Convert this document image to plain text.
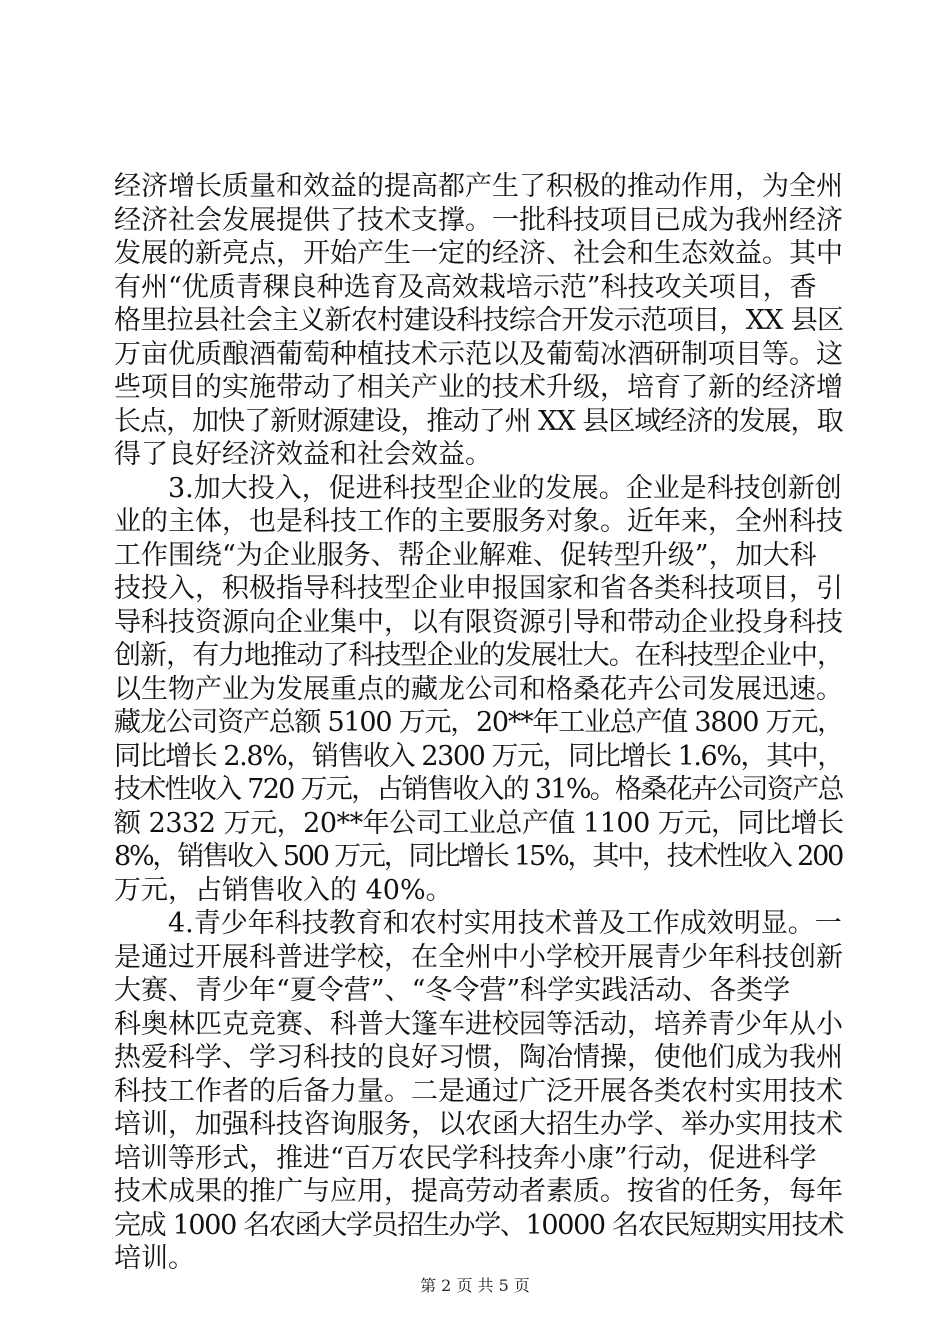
经济增长质量和效益的提高都产生了积极的推动作用，为全州
经济社会发展提供了技术支撑。一批科技项目已成为我州经济
发展的新亮点，开始产生一定的经济、社会和生态效益。其中
有州“优质青稞良种选育及高效栽培示范”科技攻关项目，香
格里拉县社会主义新农村建设科技综合开发示范项目，XX 县区
万亩优质酿酒葡萄种植技术示范以及葡萄冰酒研制项目等。这
些项目的实施带动了相关产业的技术升级，培育了新的经济增
长点，加快了新财源建设，推动了州 XX 县区域经济的发展，取
得了良好经济效益和社会效益。
　　3.加大投入，促进科技型企业的发展。企业是科技创新创
业的主体，也是科技工作的主要服务对象。近年来，全州科技
工作围绕“为企业服务、帮企业解难、促转型升级”，加大科
技投入，积极指导科技型企业申报国家和省各类科技项目，引
导科技资源向企业集中，以有限资源引导和带动企业投身科技
创新，有力地推动了科技型企业的发展壮大。在科技型企业中，
以生物产业为发展重点的藏龙公司和格桑花卉公司发展迅速。
藏龙公司资产总额 5100 万元，20**年工业总产值 3800 万元，
同比增长 2.8%，销售收入 2300 万元，同比增长 1.6%，其中，
技术性收入 720 万元，占销售收入的 31%。格桑花卉公司资产总
额 2332 万元，20**年公司工业总产值 1100 万元，同比增长
8%，销售收入 500 万元，同比增长 15%，其中，技术性收入 200
万元，占销售收入的 40%。
　　4.青少年科技教育和农村实用技术普及工作成效明显。一
是通过开展科普进学校，在全州中小学校开展青少年科技创新
大赛、青少年“夏令营”、“冬令营”科学实践活动、各类学
科奥林匹克竞赛、科普大篷车进校园等活动，培养青少年从小
热爱科学、学习科技的良好习惯，陶冶情操，使他们成为我州
科技工作者的后备力量。二是通过广泛开展各类农村实用技术
培训，加强科技咨询服务，以农函大招生办学、举办实用技术
培训等形式，推进“百万农民学科技奔小康”行动，促进科学
技术成果的推广与应用，提高劳动者素质。按省的任务，每年
完成 1000 名农函大学员招生办学、10000 名农民短期实用技术
培训。
第 2 页 共 5 页
